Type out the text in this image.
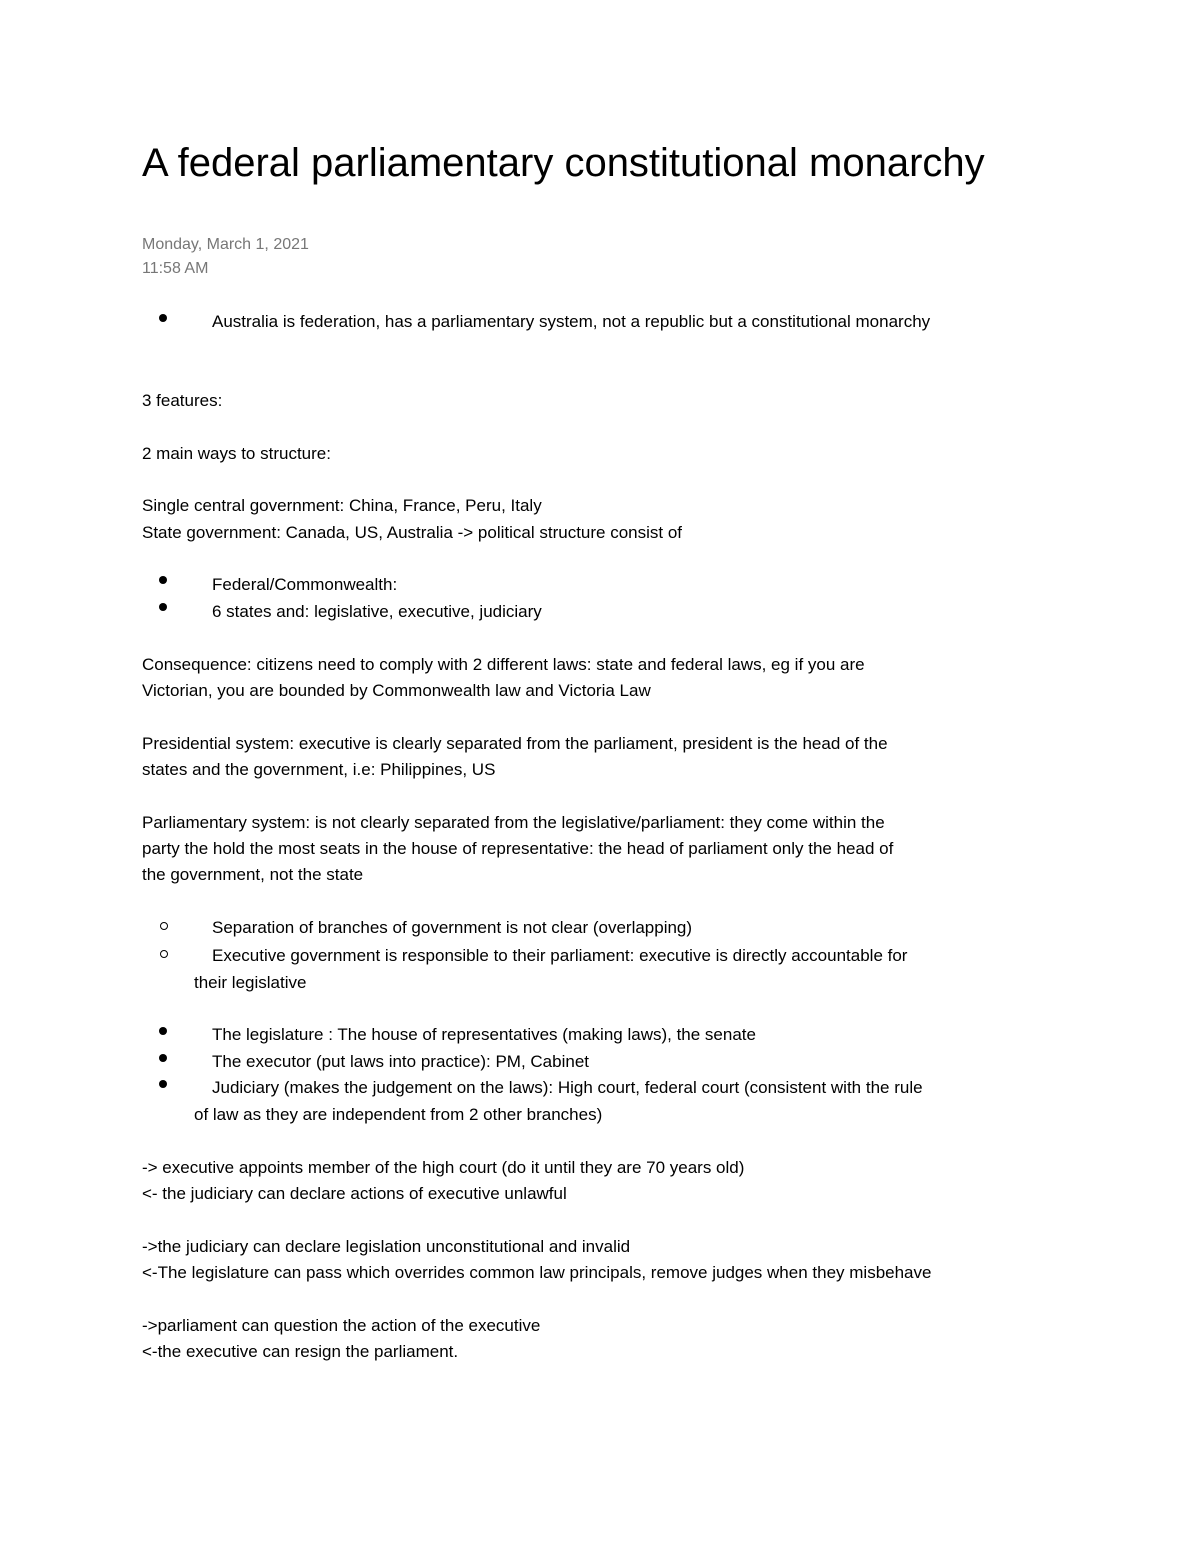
A federal parliamentary constitutional monarchy

Monday, March 1, 2021

11:58 AM

Australia is federation, has a parliamentary system, not a republic but a constitutional monarchy

3 features:

2 main ways to structure:

Single central government: China, France, Peru, Italy

State government: Canada, US, Australia -> political structure consist of

Federal/Commonwealth:

6 states and: legislative, executive, judiciary

Consequence: citizens need to comply with 2 different laws: state and federal laws, eg if you are

Victorian, you are bounded by Commonwealth law and Victoria Law

Presidential system: executive is clearly separated from the parliament, president is the head of the

states and the government, i.e: Philippines, US

Parliamentary system: is not clearly separated from the legislative/parliament: they come within the

party the hold the most seats in the house of representative: the head of parliament only the head of

the government, not the state

Separation of branches of government is not clear (overlapping)

Executive government is responsible to their parliament: executive is directly accountable for

their legislative

The legislature : The house of representatives (making laws), the senate

The executor (put laws into practice): PM, Cabinet

Judiciary (makes the judgement on the laws): High court, federal court (consistent with the rule

of law as they are independent from 2 other branches)

-> executive appoints member of the high court (do it until they are 70 years old)

<- the judiciary can declare actions of executive unlawful

->the judiciary can declare legislation unconstitutional and invalid

<-The legislature can pass which overrides common law principals, remove judges when they misbehave

->parliament can question the action of the executive

<-the executive can resign the parliament.
